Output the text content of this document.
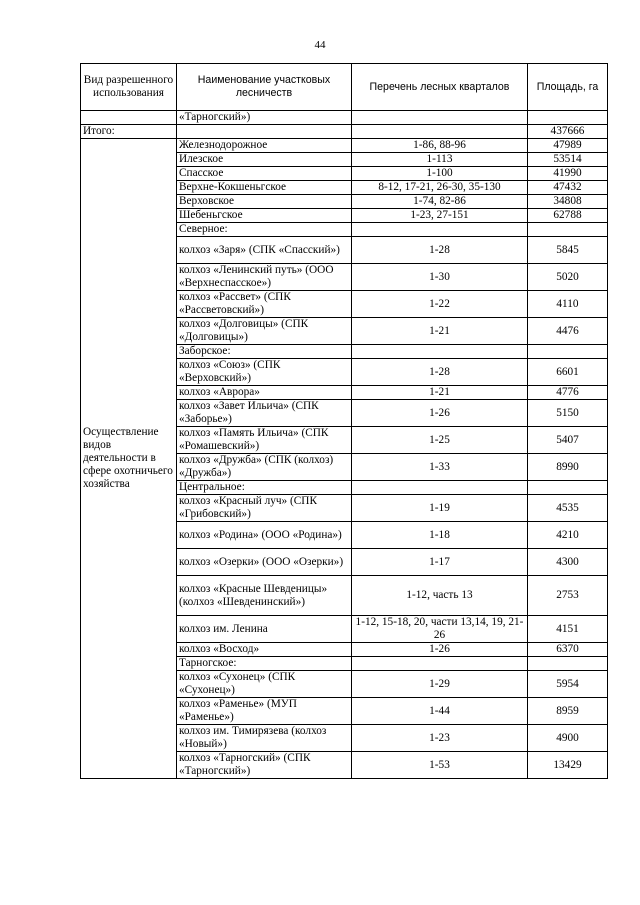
44
Вид разрешенного использования	Наименование участковых лесничеств	Перечень лесных кварталов	Площадь, га
	«Тарногский»)		
Итого:			437666
Осуществление видов деятельности в сфере охотничьего хозяйства	Железнодорожное	1-86, 88-96	47989
	Илезское	1-113	53514
	Спасское	1-100	41990
	Верхне-Кокшеньгское	8-12, 17-21, 26-30, 35-130	47432
	Верховское	1-74, 82-86	34808
	Шебеньгское	1-23, 27-151	62788
	Северное:		
	колхоз «Заря» (СПК «Спасский»)	1-28	5845
	колхоз «Ленинский путь» (ООО «Верхнеспасское»)	1-30	5020
	колхоз «Рассвет» (СПК «Рассветовский»)	1-22	4110
	колхоз «Долговицы» (СПК «Долговицы»)	1-21	4476
	Заборское:		
	колхоз «Союз» (СПК «Верховский»)	1-28	6601
	колхоз «Аврора»	1-21	4776
	колхоз «Завет Ильича» (СПК «Заборье»)	1-26	5150
	колхоз «Память Ильича» (СПК «Ромашевский»)	1-25	5407
	колхоз «Дружба» (СПК (колхоз) «Дружба»)	1-33	8990
	Центральное:		
	колхоз «Красный луч» (СПК «Грибовский»)	1-19	4535
	колхоз «Родина» (ООО «Родина»)	1-18	4210
	колхоз «Озерки» (ООО «Озерки»)	1-17	4300
	колхоз «Красные Шевденицы» (колхоз «Шевденинский»)	1-12, часть 13	2753
	колхоз им. Ленина	1-12, 15-18, 20, части 13,14, 19, 21-26	4151
	колхоз «Восход»	1-26	6370
	Тарногское:		
	колхоз «Сухонец» (СПК «Сухонец»)	1-29	5954
	колхоз «Раменье» (МУП «Раменье»)	1-44	8959
	колхоз им. Тимирязева (колхоз «Новый»)	1-23	4900
	колхоз «Тарногский» (СПК «Тарногский»)	1-53	13429
